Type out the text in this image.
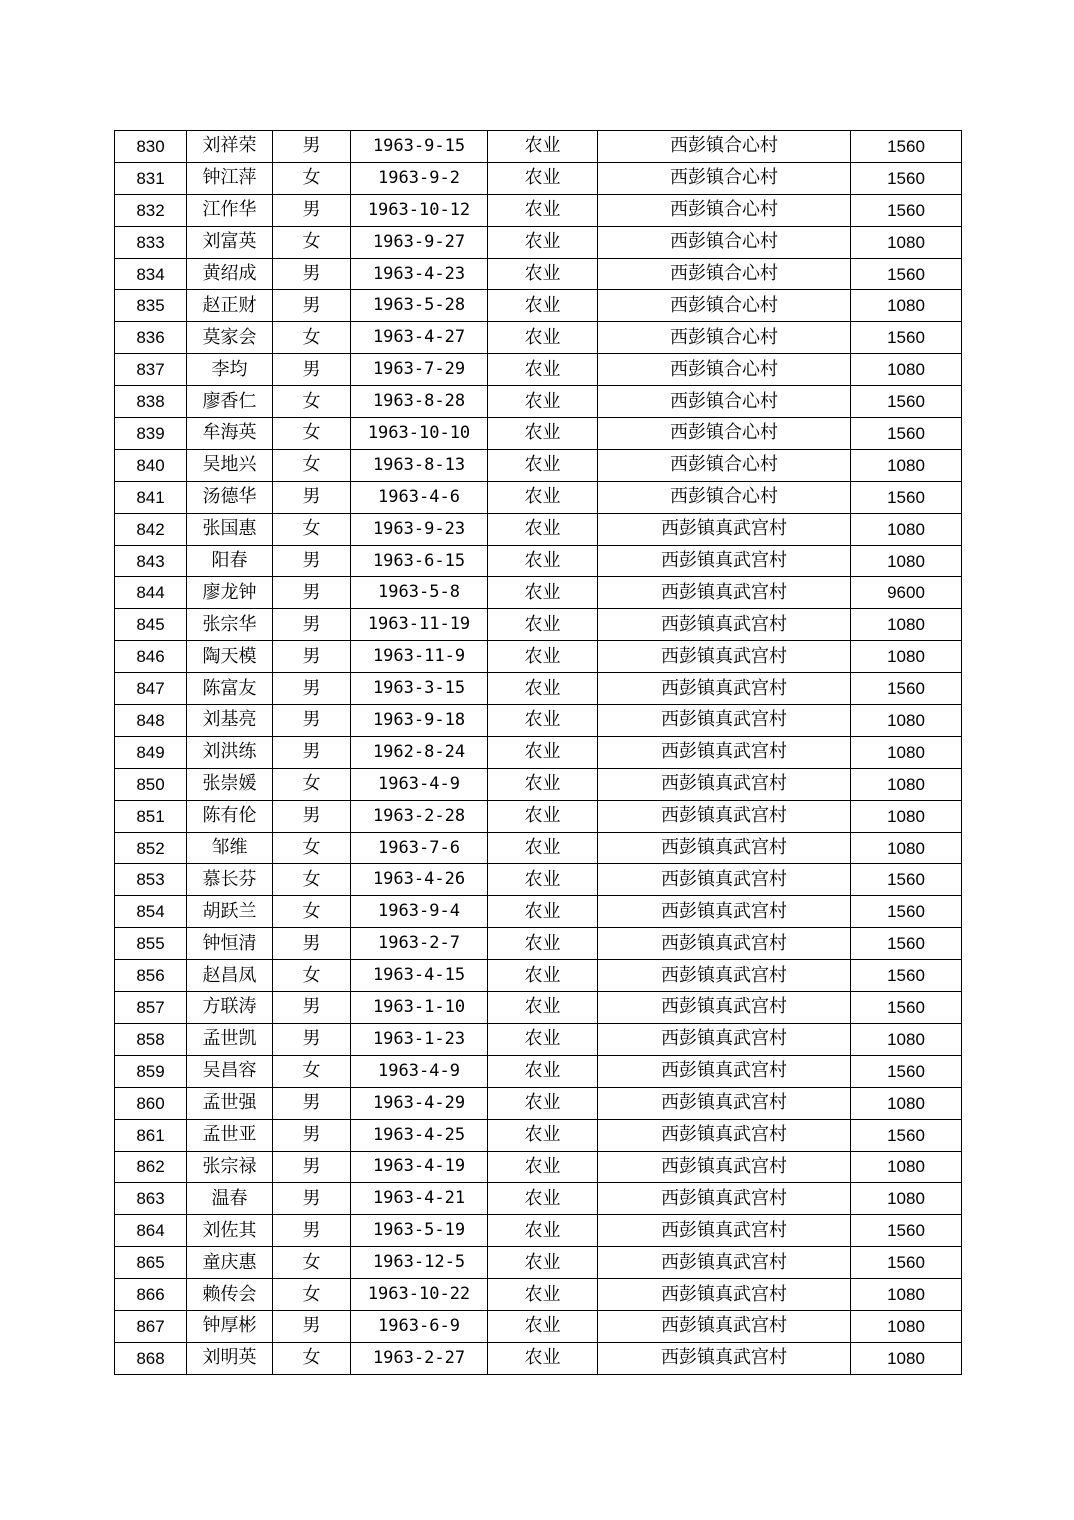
830	刘祥荣	男	1963-9-15	农业	西彭镇合心村	1560
831	钟江萍	女	1963-9-2	农业	西彭镇合心村	1560
832	江作华	男	1963-10-12	农业	西彭镇合心村	1560
833	刘富英	女	1963-9-27	农业	西彭镇合心村	1080
834	黄绍成	男	1963-4-23	农业	西彭镇合心村	1560
835	赵正财	男	1963-5-28	农业	西彭镇合心村	1080
836	莫家会	女	1963-4-27	农业	西彭镇合心村	1560
837	李均	男	1963-7-29	农业	西彭镇合心村	1080
838	廖香仁	女	1963-8-28	农业	西彭镇合心村	1560
839	牟海英	女	1963-10-10	农业	西彭镇合心村	1560
840	吴地兴	女	1963-8-13	农业	西彭镇合心村	1080
841	汤德华	男	1963-4-6	农业	西彭镇合心村	1560
842	张国惠	女	1963-9-23	农业	西彭镇真武宫村	1080
843	阳春	男	1963-6-15	农业	西彭镇真武宫村	1080
844	廖龙钟	男	1963-5-8	农业	西彭镇真武宫村	9600
845	张宗华	男	1963-11-19	农业	西彭镇真武宫村	1080
846	陶天模	男	1963-11-9	农业	西彭镇真武宫村	1080
847	陈富友	男	1963-3-15	农业	西彭镇真武宫村	1560
848	刘基亮	男	1963-9-18	农业	西彭镇真武宫村	1080
849	刘洪练	男	1962-8-24	农业	西彭镇真武宫村	1080
850	张崇媛	女	1963-4-9	农业	西彭镇真武宫村	1080
851	陈有伦	男	1963-2-28	农业	西彭镇真武宫村	1080
852	邹维	女	1963-7-6	农业	西彭镇真武宫村	1080
853	慕长芬	女	1963-4-26	农业	西彭镇真武宫村	1560
854	胡跃兰	女	1963-9-4	农业	西彭镇真武宫村	1560
855	钟恒清	男	1963-2-7	农业	西彭镇真武宫村	1560
856	赵昌凤	女	1963-4-15	农业	西彭镇真武宫村	1560
857	方联涛	男	1963-1-10	农业	西彭镇真武宫村	1560
858	孟世凯	男	1963-1-23	农业	西彭镇真武宫村	1080
859	吴昌容	女	1963-4-9	农业	西彭镇真武宫村	1560
860	孟世强	男	1963-4-29	农业	西彭镇真武宫村	1080
861	孟世亚	男	1963-4-25	农业	西彭镇真武宫村	1560
862	张宗禄	男	1963-4-19	农业	西彭镇真武宫村	1080
863	温春	男	1963-4-21	农业	西彭镇真武宫村	1080
864	刘佐其	男	1963-5-19	农业	西彭镇真武宫村	1560
865	童庆惠	女	1963-12-5	农业	西彭镇真武宫村	1560
866	赖传会	女	1963-10-22	农业	西彭镇真武宫村	1080
867	钟厚彬	男	1963-6-9	农业	西彭镇真武宫村	1080
868	刘明英	女	1963-2-27	农业	西彭镇真武宫村	1080
